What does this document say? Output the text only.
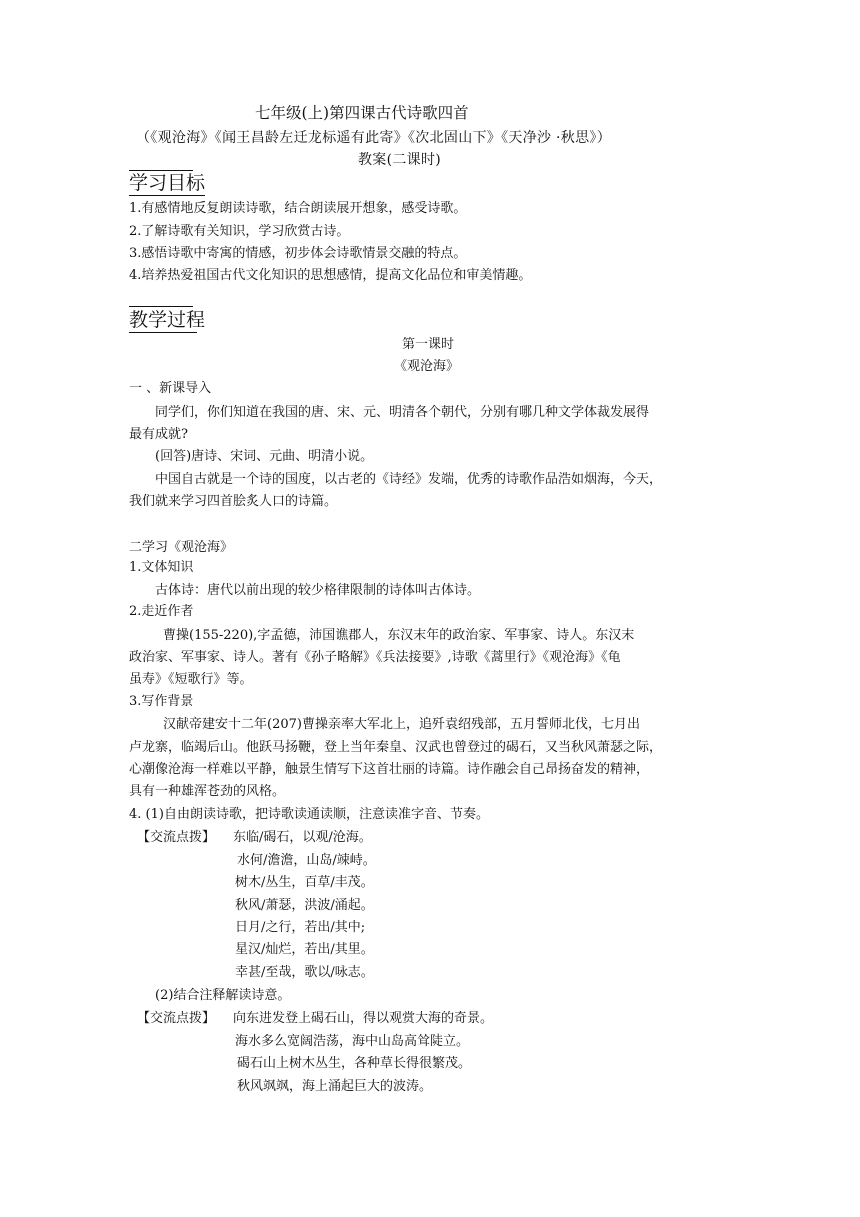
七年级(上)第四课古代诗歌四首
（《观沧海》《闻王昌龄左迁龙标遥有此寄》《次北固山下》《天净沙 ·秋思》）
教案(二课时)
学习目标
1.有感情地反复朗读诗歌，结合朗读展开想象，感受诗歌。
2.了解诗歌有关知识，学习欣赏古诗。
3.感悟诗歌中寄寓的情感，初步体会诗歌情景交融的特点。
4.培养热爱祖国古代文化知识的思想感情，提高文化品位和审美情趣。
教学过程
第一课时
《观沧海》
一 、新课导入
同学们，你们知道在我国的唐、宋、元、明清各个朝代，分别有哪几种文学体裁发展得
最有成就?
(回答)唐诗、宋词、元曲、明清小说。
中国自古就是一个诗的国度，以古老的《诗经》发端，优秀的诗歌作品浩如烟海，今天，
我们就来学习四首脍炙人口的诗篇。
二学习《观沧海》
1.文体知识
古体诗：唐代以前出现的较少格律限制的诗体叫古体诗。
2.走近作者
曹操(155-220),字孟德，沛国谯郡人，东汉末年的政治家、军事家、诗人。东汉末
政治家、军事家、诗人。著有《孙子略解》《兵法接要》,诗歌《蒿里行》《观沧海》《龟
虽寿》《短歌行》等。
3.写作背景
汉献帝建安十二年(207)曹操亲率大军北上，追歼袁绍残部，五月誓师北伐，七月出
卢龙寨，临竭后山。他跃马扬鞭，登上当年秦皇、汉武也曾登过的碣石，又当秋风萧瑟之际，
心潮像沧海一样难以平静，触景生情写下这首壮丽的诗篇。诗作融会自己昂扬奋发的精神，
具有一种雄浑苍劲的风格。
4. (1)自由朗读诗歌，把诗歌读通读顺，注意读准字音、节奏。
【交流点拨】 东临/碣石，以观/沧海。
水何/澹澹，山岛/竦峙。
树木/丛生，百草/丰茂。
秋风/萧瑟，洪波/涌起。
日月/之行，若出/其中;
星汉/灿烂，若出/其里。
幸甚/至哉，歌以/咏志。
(2)结合注释解读诗意。
【交流点拨】 向东进发登上碣石山，得以观赏大海的奇景。
海水多么宽阔浩荡，海中山岛高耸陡立。
碣石山上树木丛生，各种草长得很繁茂。
秋风飒飒，海上涌起巨大的波涛。
